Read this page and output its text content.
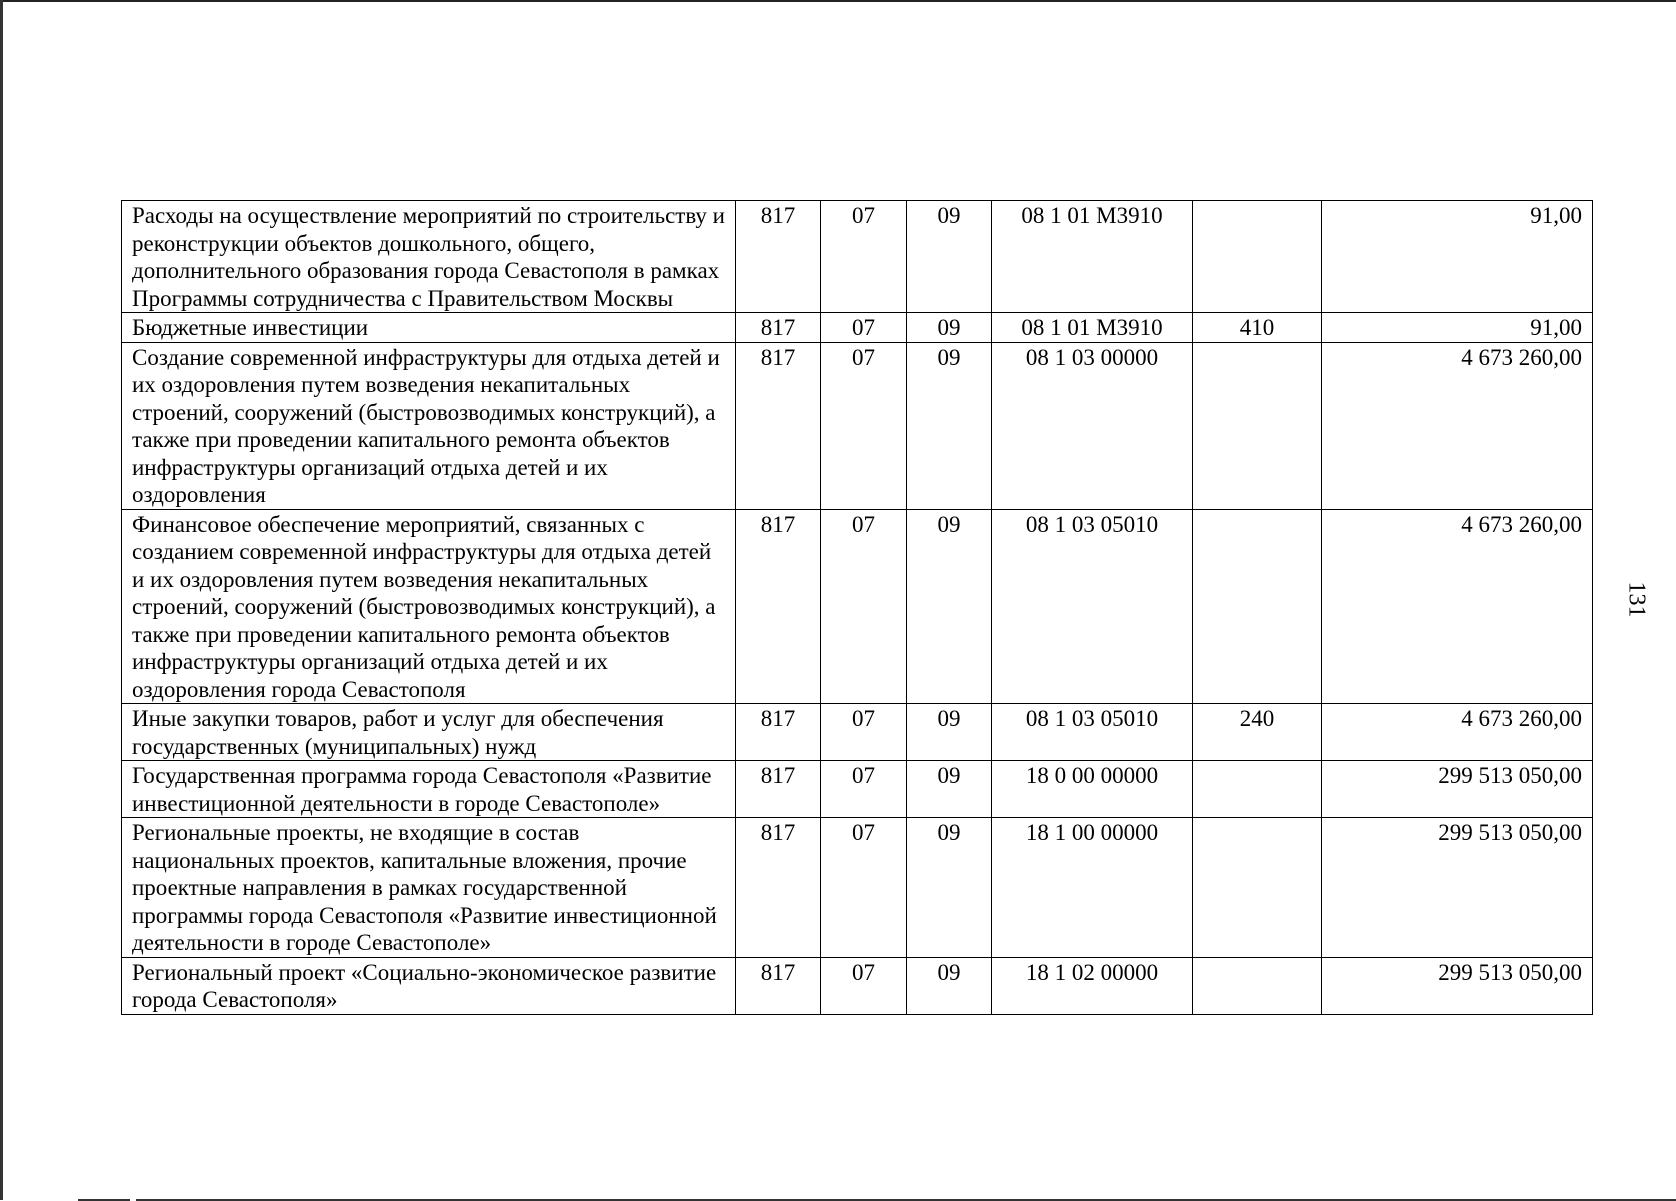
131
Расходы на осуществление мероприятий по строительству и реконструкции объектов дошкольного, общего, дополнительного образования города Севастополя в рамках Программы сотрудничества с Правительством Москвы	817	07	09	08 1 01 M3910		91,00
Бюджетные инвестиции	817	07	09	08 1 01 M3910	410	91,00
Создание современной инфраструктуры для отдыха детей и их оздоровления путем возведения некапитальных строений, сооружений (быстровозводимых конструкций), а также при проведении капитального ремонта объектов инфраструктуры организаций отдыха детей и их оздоровления	817	07	09	08 1 03 00000		4 673 260,00
Финансовое обеспечение мероприятий, связанных с созданием современной инфраструктуры для отдыха детей и их оздоровления путем возведения некапитальных строений, сооружений (быстровозводимых конструкций), а также при проведении капитального ремонта объектов инфраструктуры организаций отдыха детей и их оздоровления города Севастополя	817	07	09	08 1 03 05010		4 673 260,00
Иные закупки товаров, работ и услуг для обеспечения государственных (муниципальных) нужд	817	07	09	08 1 03 05010	240	4 673 260,00
Государственная программа города Севастополя «Развитие инвестиционной деятельности в городе Севастополе»	817	07	09	18 0 00 00000		299 513 050,00
Региональные проекты, не входящие в состав национальных проектов, капитальные вложения, прочие проектные направления в рамках государственной программы города Севастополя «Развитие инвестиционной деятельности в городе Севастополе»	817	07	09	18 1 00 00000		299 513 050,00
Региональный проект «Социально-экономическое развитие города Севастополя»	817	07	09	18 1 02 00000		299 513 050,00
